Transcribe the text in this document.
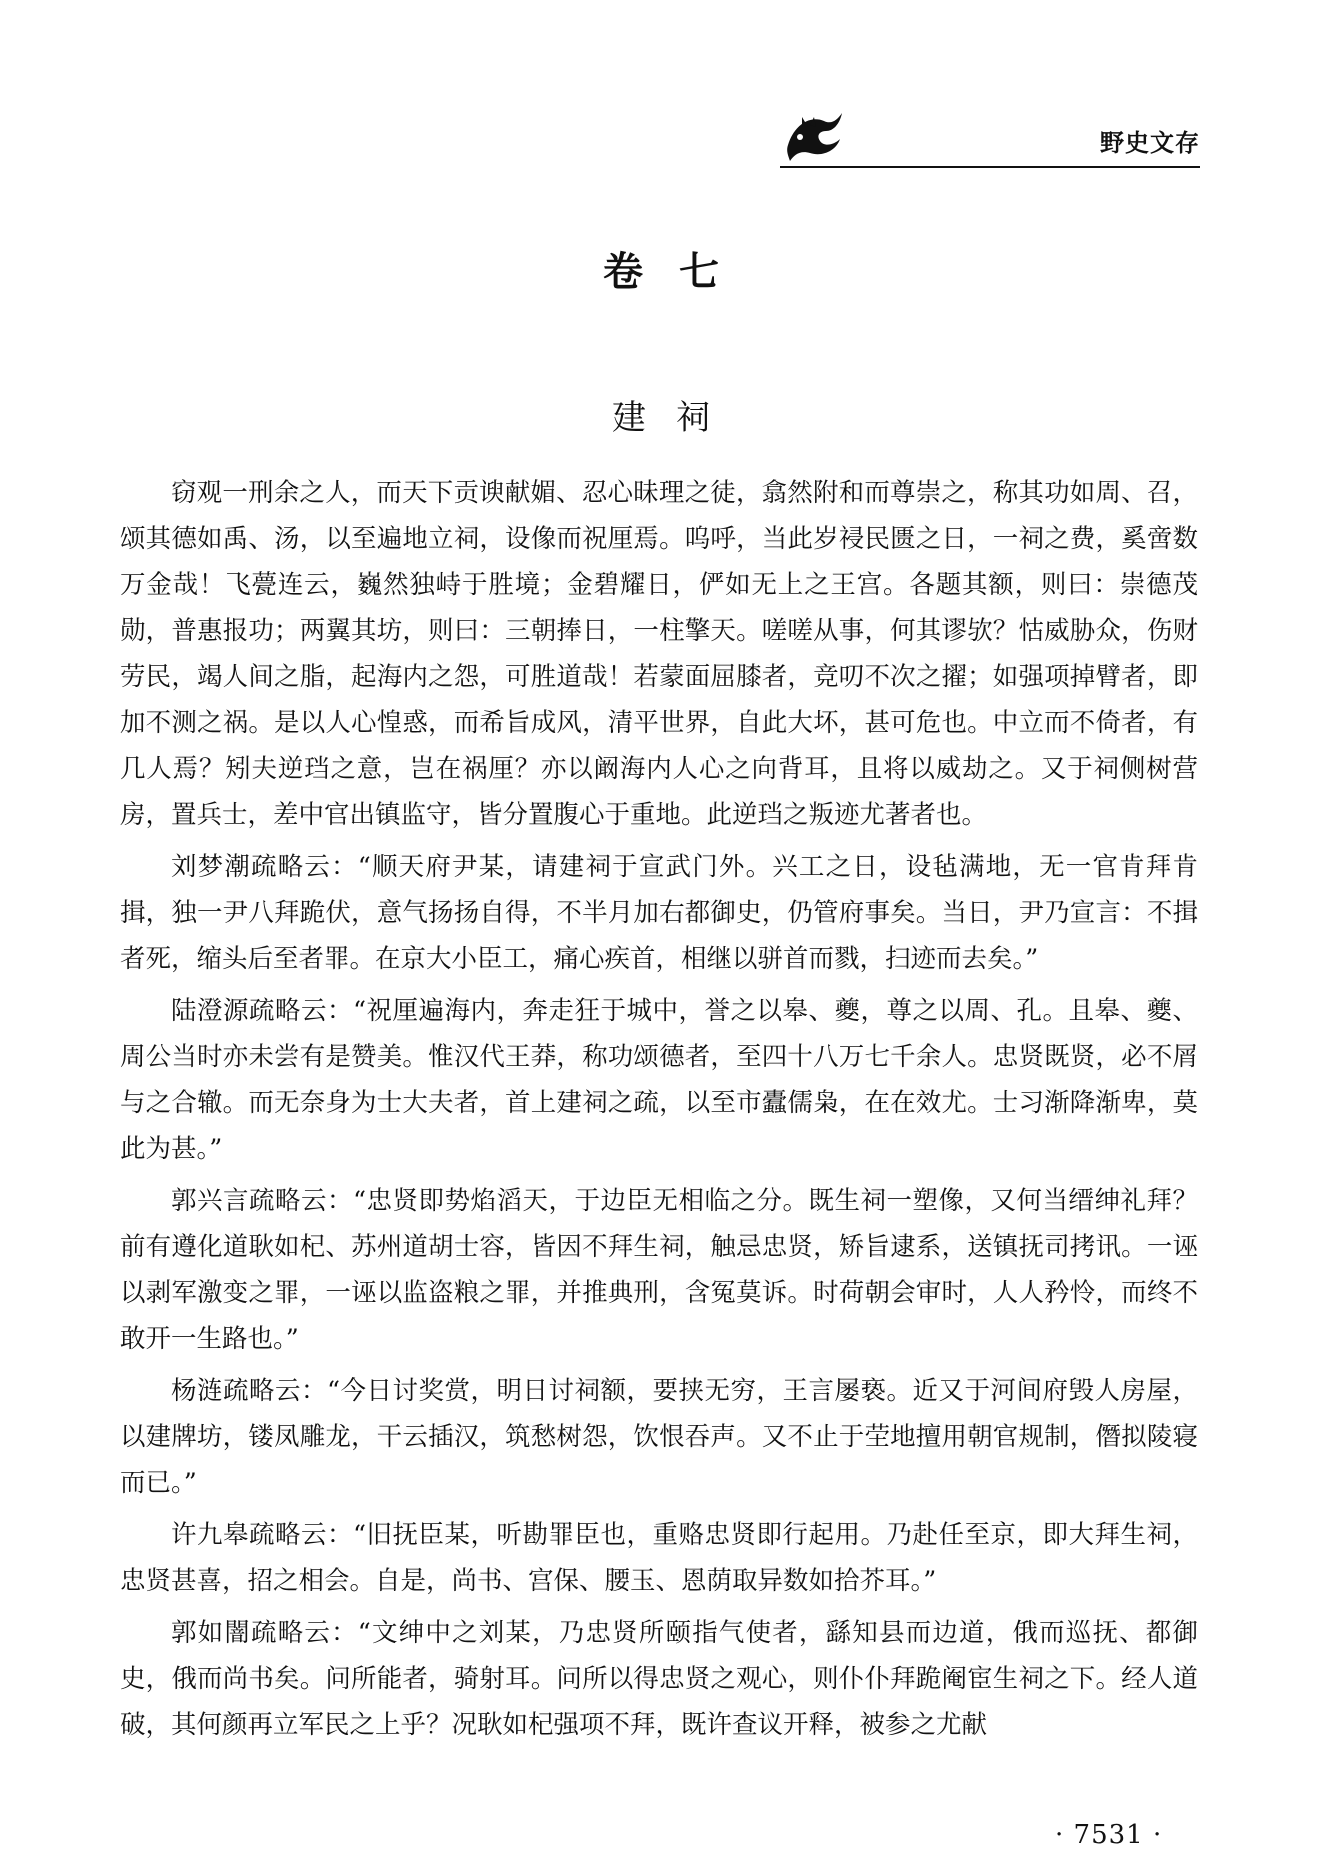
野史文存
卷七
建祠

窃观一刑余之人，而天下贡谀献媚、忍心昧理之徒，翕然附和而尊崇之，称其功如周、召，颂其德如禹、汤，以至遍地立祠，设像而祝厘焉。呜呼，当此岁祲民匮之日，一祠之费，奚啻数万金哉！飞甍连云，巍然独峙于胜境；金碧耀日，俨如无上之王宫。各题其额，则曰：崇德茂勋，普惠报功；两翼其坊，则曰：三朝捧日，一柱擎天。嗟嗟从事，何其谬欤？怙威胁众，伤财劳民，竭人间之脂，起海内之怨，可胜道哉！若蒙面屈膝者，竞叨不次之擢；如强项掉臂者，即加不测之祸。是以人心惶惑，而希旨成风，清平世界，自此大坏，甚可危也。中立而不倚者，有几人焉？矧夫逆珰之意，岂在祸厘？亦以阚海内人心之向背耳，且将以威劫之。又于祠侧树营房，置兵士，差中官出镇监守，皆分置腹心于重地。此逆珰之叛迹尤著者也。

刘梦潮疏略云：“顺天府尹某，请建祠于宣武门外。兴工之日，设毡满地，无一官肯拜肯揖，独一尹八拜跪伏，意气扬扬自得，不半月加右都御史，仍管府事矣。当日，尹乃宣言：不揖者死，缩头后至者罪。在京大小臣工，痛心疾首，相继以骈首而戮，扫迹而去矣。”

陆澄源疏略云：“祝厘遍海内，奔走狂于城中，誉之以皋、夔，尊之以周、孔。且皋、夔、周公当时亦未尝有是赞美。惟汉代王莽，称功颂德者，至四十八万七千余人。忠贤既贤，必不屑与之合辙。而无奈身为士大夫者，首上建祠之疏，以至市蠹儒枭，在在效尤。士习渐降渐卑，莫此为甚。”

郭兴言疏略云：“忠贤即势焰滔天，于边臣无相临之分。既生祠一塑像，又何当缙绅礼拜？前有遵化道耿如杞、苏州道胡士容，皆因不拜生祠，触忌忠贤，矫旨逮系，送镇抚司拷讯。一诬以剥军激变之罪，一诬以监盗粮之罪，并推典刑，含冤莫诉。时荷朝会审时，人人矜怜，而终不敢开一生路也。”

杨涟疏略云：“今日讨奖赏，明日讨祠额，要挟无穷，王言屡亵。近又于河间府毁人房屋，以建牌坊，镂凤雕龙，干云插汉，筑愁树怨，饮恨吞声。又不止于茔地擅用朝官规制，僭拟陵寝而已。”

许九皋疏略云：“旧抚臣某，听勘罪臣也，重赂忠贤即行起用。乃赴任至京，即大拜生祠，忠贤甚喜，招之相会。自是，尚书、宫保、腰玉、恩荫取异数如拾芥耳。”

郭如闇疏略云：“文绅中之刘某，乃忠贤所颐指气使者，繇知县而边道，俄而巡抚、都御史，俄而尚书矣。问所能者，骑射耳。问所以得忠贤之观心，则仆仆拜跪阉宦生祠之下。经人道破，其何颜再立军民之上乎？况耿如杞强项不拜，既许查议开释，被参之尤献

· 7531 ·
